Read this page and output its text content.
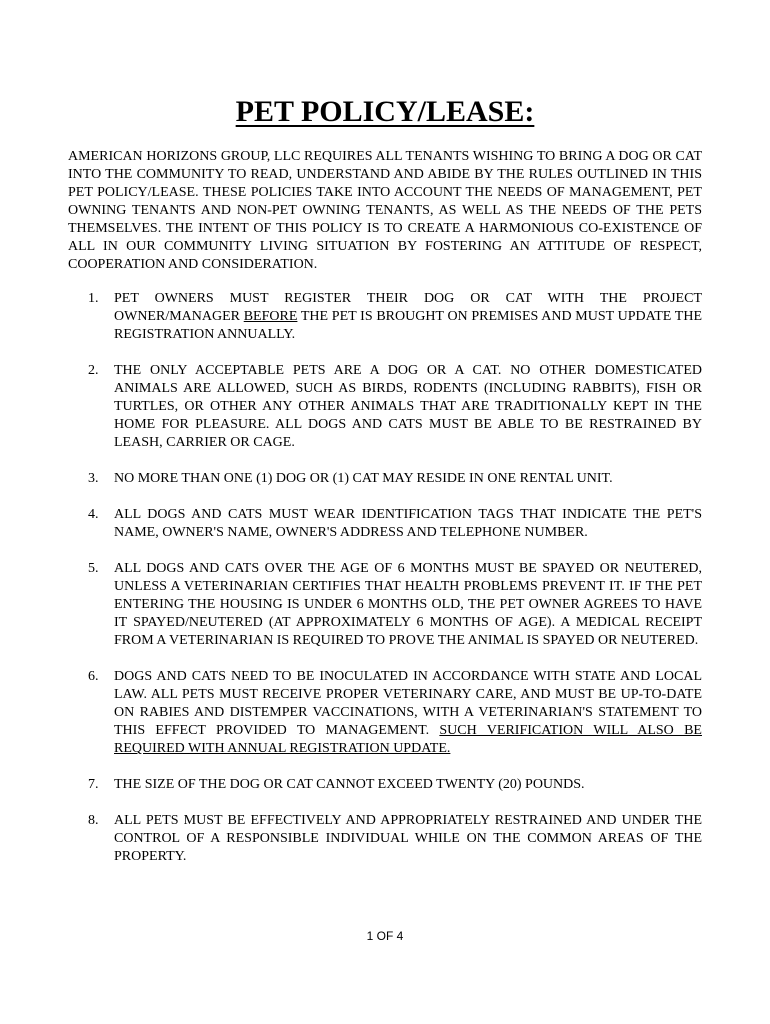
PET POLICY/LEASE:

AMERICAN HORIZONS GROUP, LLC REQUIRES ALL TENANTS WISHING TO BRING A DOG OR CAT INTO THE COMMUNITY TO READ, UNDERSTAND AND ABIDE BY THE RULES OUTLINED IN THIS PET POLICY/LEASE. THESE POLICIES TAKE INTO ACCOUNT THE NEEDS OF MANAGEMENT, PET OWNING TENANTS AND NON-PET OWNING TENANTS, AS WELL AS THE NEEDS OF THE PETS THEMSELVES. THE INTENT OF THIS POLICY IS TO CREATE A HARMONIOUS CO-EXISTENCE OF ALL IN OUR COMMUNITY LIVING SITUATION BY FOSTERING AN ATTITUDE OF RESPECT, COOPERATION AND CONSIDERATION.

1.	PET OWNERS MUST REGISTER THEIR DOG OR CAT WITH THE PROJECT OWNER/MANAGER BEFORE THE PET IS BROUGHT ON PREMISES AND MUST UPDATE THE REGISTRATION ANNUALLY.
2.	THE ONLY ACCEPTABLE PETS ARE A DOG OR A CAT. NO OTHER DOMESTICATED ANIMALS ARE ALLOWED, SUCH AS BIRDS, RODENTS (INCLUDING RABBITS), FISH OR TURTLES, OR OTHER ANY OTHER ANIMALS THAT ARE TRADITIONALLY KEPT IN THE HOME FOR PLEASURE. ALL DOGS AND CATS MUST BE ABLE TO BE RESTRAINED BY LEASH, CARRIER OR CAGE.
3.	NO MORE THAN ONE (1) DOG OR (1) CAT MAY RESIDE IN ONE RENTAL UNIT.
4.	ALL DOGS AND CATS MUST WEAR IDENTIFICATION TAGS THAT INDICATE THE PET'S NAME, OWNER'S NAME, OWNER'S ADDRESS AND TELEPHONE NUMBER.
5.	ALL DOGS AND CATS OVER THE AGE OF 6 MONTHS MUST BE SPAYED OR NEUTERED, UNLESS A VETERINARIAN CERTIFIES THAT HEALTH PROBLEMS PREVENT IT. IF THE PET ENTERING THE HOUSING IS UNDER 6 MONTHS OLD, THE PET OWNER AGREES TO HAVE IT SPAYED/NEUTERED (AT APPROXIMATELY 6 MONTHS OF AGE). A MEDICAL RECEIPT FROM A VETERINARIAN IS REQUIRED TO PROVE THE ANIMAL IS SPAYED OR NEUTERED.
6.	DOGS AND CATS NEED TO BE INOCULATED IN ACCORDANCE WITH STATE AND LOCAL LAW. ALL PETS MUST RECEIVE PROPER VETERINARY CARE, AND MUST BE UP-TO-DATE ON RABIES AND DISTEMPER VACCINATIONS, WITH A VETERINARIAN'S STATEMENT TO THIS EFFECT PROVIDED TO MANAGEMENT. SUCH VERIFICATION WILL ALSO BE REQUIRED WITH ANNUAL REGISTRATION UPDATE.
7.	THE SIZE OF THE DOG OR CAT CANNOT EXCEED TWENTY (20) POUNDS.
8.	ALL PETS MUST BE EFFECTIVELY AND APPROPRIATELY RESTRAINED AND UNDER THE CONTROL OF A RESPONSIBLE INDIVIDUAL WHILE ON THE COMMON AREAS OF THE PROPERTY.
1 OF 4
